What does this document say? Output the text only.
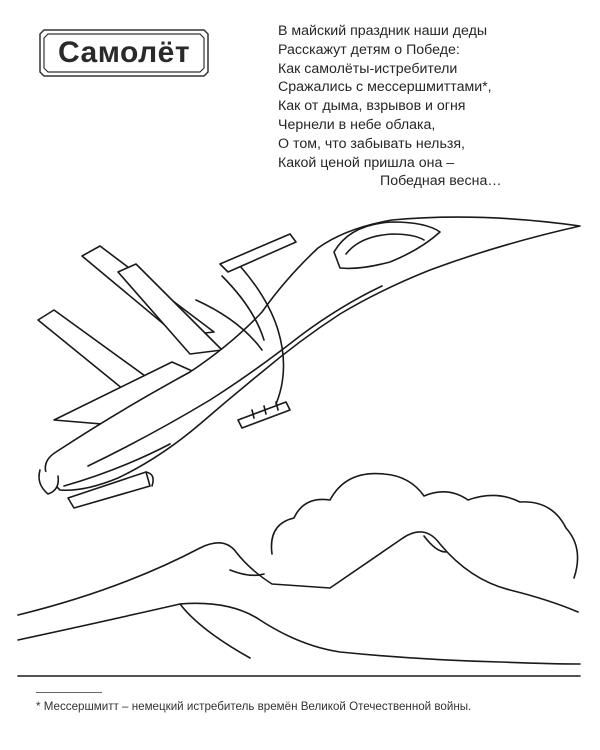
Самолёт
В майский праздник наши деды
Расскажут детям о Победе:
Как самолёты-истребители
Сражались с мессершмиттами*,
Как от дыма, взрывов и огня
Чернели в небе облака,
О том, что забывать нельзя,
Какой ценой пришла она –
Победная весна…
* Мессершмитт – немецкий истребитель времён Великой Отечественной войны.
